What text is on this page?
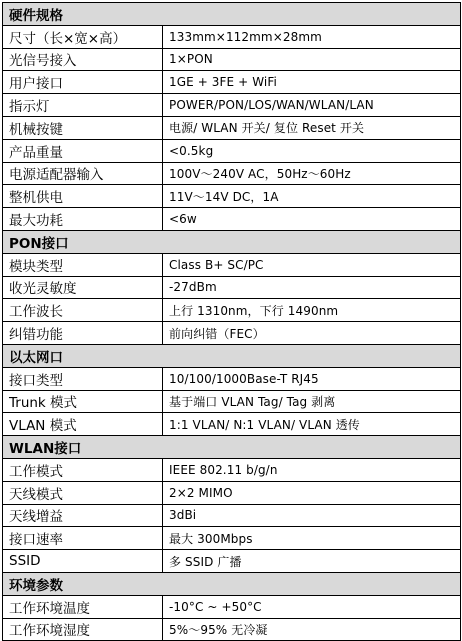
硬件规格	
尺寸（长×宽×高）	133mm×112mm×28mm
光信号接入	1×PON
用户接口	1GE + 3FE + WiFi
指示灯	POWER/PON/LOS/WAN/WLAN/LAN
机械按键	电源/ WLAN 开关/ 复位 Reset 开关
产品重量	<0.5kg
电源适配器输入	100V～240V AC，50Hz～60Hz
整机供电	11V～14V DC，1A
最大功耗	<6w
PON接口	
模块类型	Class B+ SC/PC
收光灵敏度	-27dBm
工作波长	上行 1310nm，下行 1490nm
纠错功能	前向纠错（FEC）
以太网口	
接口类型	10/100/1000Base-T RJ45
Trunk 模式	基于端口 VLAN Tag/ Tag 剥离
VLAN 模式	1:1 VLAN/ N:1 VLAN/ VLAN 透传
WLAN接口	
工作模式	IEEE 802.11 b/g/n
天线模式	2×2 MIMO
天线增益	3dBi
接口速率	最大 300Mbps
SSID	多 SSID 广播
环境参数	
工作环境温度	-10°C ~ +50°C
工作环境湿度	5%～95% 无冷凝
